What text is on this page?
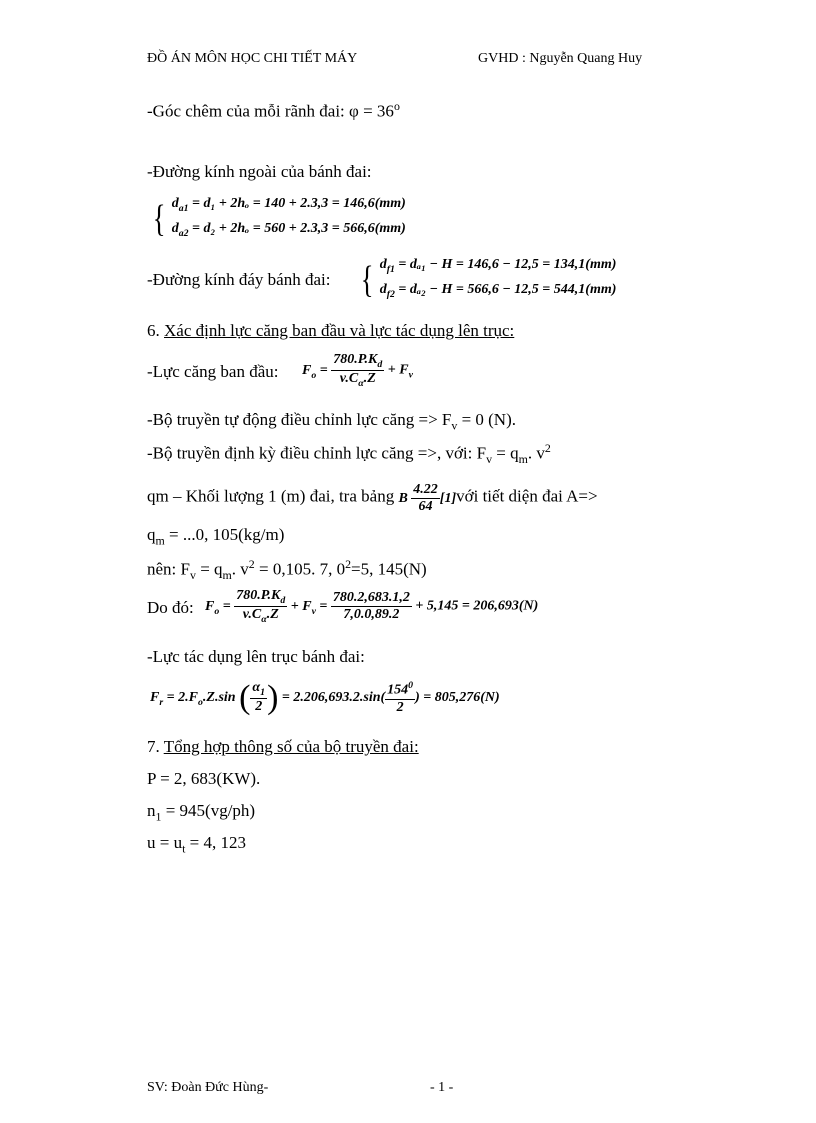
ĐỒ ÁN MÔN HỌC CHI TIẾT MÁY	GVHD : Nguyễn Quang Huy
-Góc chêm của mỗi rãnh đai: $\varphi = 36^o$
-Đường kính ngoài của bánh đai:
{ $d_{a1} = d_1 + 2h_o = 140 + 2.3,3 = 146,6(mm)$
$d_{a2} = d_2 + 2h_o = 560 + 2.3,3 = 566,6(mm)$
-Đường kính đáy bánh đai: { $d_{f1} = d_{a1} - H = 146,6 - 12,5 = 134,1(mm)$
$d_{f2} = d_{a2} - H = 566,6 - 12,5 = 544,1(mm)$
6. Xác định lực căng ban đầu và lực tác dụng lên trục:
-Lực căng ban đầu: $F_o = \frac{780.P.K_d}{v.C_\alpha.Z} + F_v$
-Bộ truyền tự động điều chỉnh lực căng => $F_v = 0$ (N).
-Bộ truyền định kỳ điều chỉnh lực căng =>, với: $F_v = q_m$. $v^2$
qm – Khối lượng 1 (m) đai, tra bảng B $\frac{4.22}{64}$ [1]với tiết diện đai A=>
$q_m = ...0$, 105(kg/m)
nên: $F_v = q_m$. $v^2 = 0,105$. 7, $0^2=5$, 145(N)
Do đó: $F_o = \frac{780.P.K_d}{v.C_\alpha.Z} + F_v = \frac{780.2,683.1,2}{7,0.0,89.2} + 5,145 = 206,693(N)$
-Lực tác dụng lên trục bánh đai:
$F_r = 2.F_o.Z.\sin$ ( $\frac{\alpha_1}{2}$ ) = $2.206,693.2.\sin( \frac{154^0}{2}$ ) = 805,276(N)
7. Tổng hợp thông số của bộ truyền đai:
P = 2, 683(KW).
$n_1 = 945(vg/ph)$
$u = u_t = 4$, 123
SV: Đoàn Đức Hùng-	- 1 -
